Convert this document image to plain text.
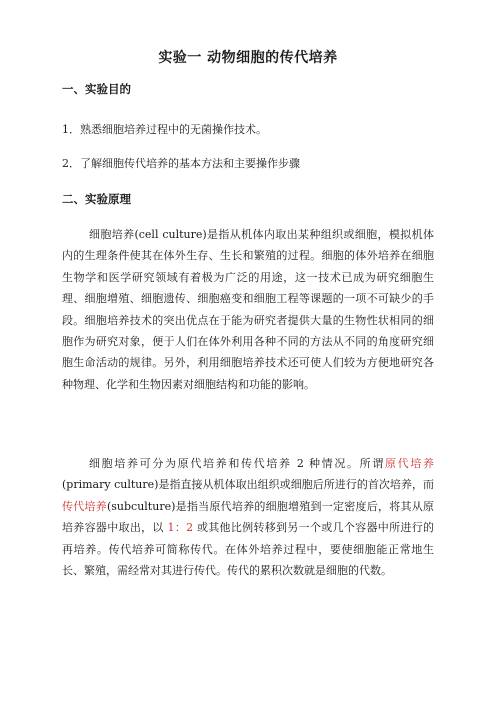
实验一 动物细胞的传代培养
一、实验目的
1．熟悉细胞培养过程中的无菌操作技术。
2．了解细胞传代培养的基本方法和主要操作步骤
二、实验原理

细胞培养(cell culture)是指从机体内取出某种组织或细胞，模拟机体内的生理条件使其在体外生存、生长和繁殖的过程。细胞的体外培养在细胞生物学和医学研究领域有着极为广泛的用途，这一技术已成为研究细胞生理、细胞增殖、细胞遗传、细胞癌变和细胞工程等课题的一项不可缺少的手段。细胞培养技术的突出优点在于能为研究者提供大量的生物性状相同的细胞作为研究对象，便于人们在体外利用各种不同的方法从不同的角度研究细胞生命活动的规律。另外，利用细胞培养技术还可使人们较为方便地研究各种物理、化学和生物因素对细胞结构和功能的影响。

细胞培养可分为原代培养和传代培养 2 种情况。所谓原代培养(primary culture)是指直接从机体取出组织或细胞后所进行的首次培养，而传代培养(subculture)是指当原代培养的细胞增殖到一定密度后，将其从原培养容器中取出，以 1：2 或其他比例转移到另一个或几个容器中所进行的再培养。传代培养可简称传代。在体外培养过程中，要使细胞能正常地生长、繁殖，需经常对其进行传代。传代的累积次数就是细胞的代数。
